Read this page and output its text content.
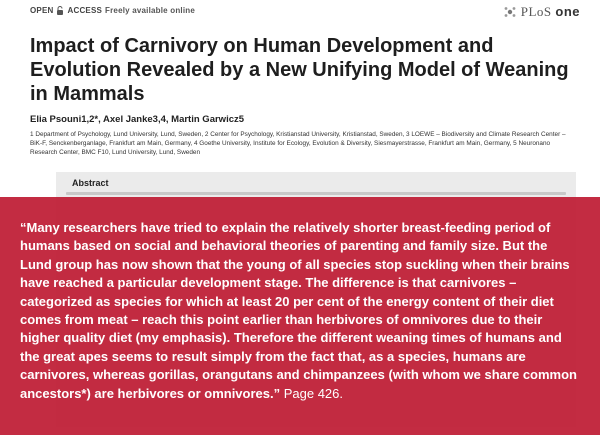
OPEN ACCESS Freely available online	PLoS one
Impact of Carnivory on Human Development and Evolution Revealed by a New Unifying Model of Weaning in Mammals
Elia Psouni1,2*, Axel Janke3,4, Martin Garwicz5
1 Department of Psychology, Lund University, Lund, Sweden, 2 Center for Psychology, Kristianstad University, Kristianstad, Sweden, 3 LOEWE – Biodiversity and Climate Research Center – BiK-F, Senckenberganlage, Frankfurt am Main, Germany, 4 Goethe University, Institute for Ecology, Evolution & Diversity, Siesmayerstrasse, Frankfurt am Main, Germany, 5 Neuronano Research Center, BMC F10, Lund University, Lund, Sweden
Abstract
“Many researchers have tried to explain the relatively shorter breast-feeding period of humans based on social and behavioral theories of parenting and family size. But the Lund group has now shown that the young of all species stop suckling when their brains have reached a particular development stage. The difference is that carnivores – categorized as species for which at least 20 per cent of the energy content of their diet comes from meat – reach this point earlier than herbivores of omnivores due to their higher quality diet (my emphasis). Therefore the different weaning times of humans and the great apes seems to result simply from the fact that, as a species, humans are carnivores, whereas gorillas, orangutans and chimpanzees (with whom we share common ancestors*) are herbivores or omnivores.” Page 426.
